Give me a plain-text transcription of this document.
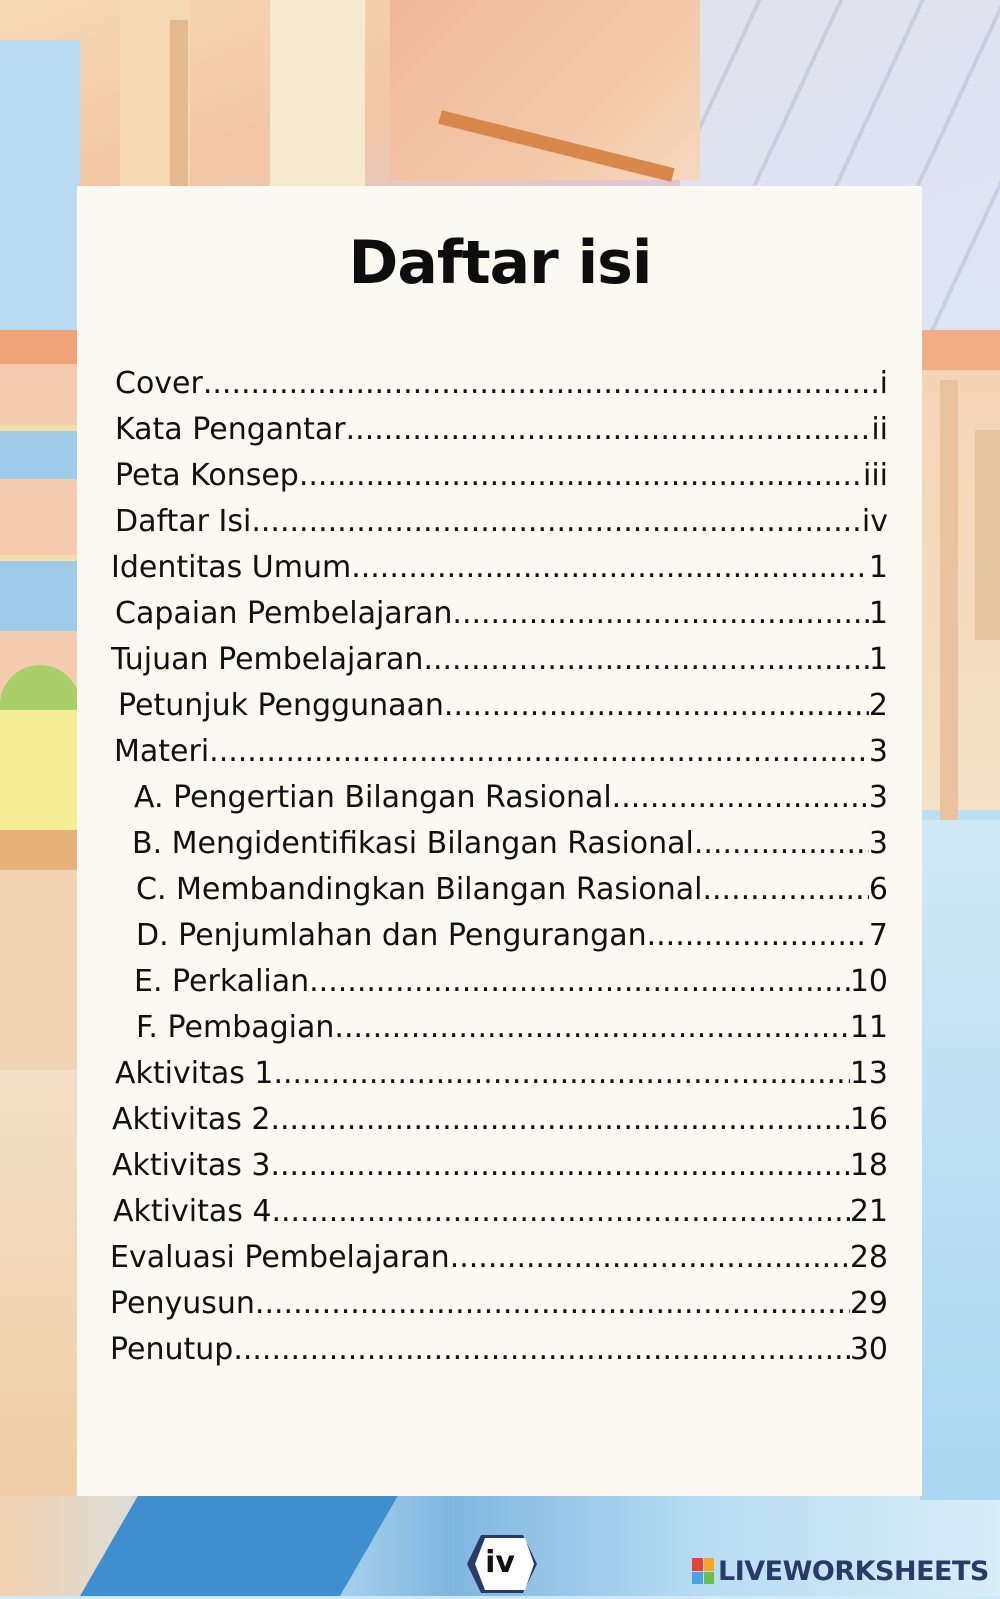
Daftar isi
Cover .....	i
Kata Pengantar .....	ii
Peta Konsep .....	iii
Daftar Isi .....	iv
Identitas Umum .....	1
Capaian Pembelajaran .....	1
Tujuan Pembelajaran .....	1
Petunjuk Penggunaan .....	2
Materi .....	3
A. Pengertian Bilangan Rasional .....	3
B. Mengidentifikasi Bilangan Rasional .....	3
C. Membandingkan Bilangan Rasional .....	6
D. Penjumlahan dan Pengurangan .....	7
E. Perkalian .....	10
F. Pembagian .....	11
Aktivitas 1 .....	13
Aktivitas 2 .....	16
Aktivitas 3 .....	18
Aktivitas 4 .....	21
Evaluasi Pembelajaran .....	28
Penyusun .....	29
Penutup .....	30
iv	LIVEWORKSHEETS
